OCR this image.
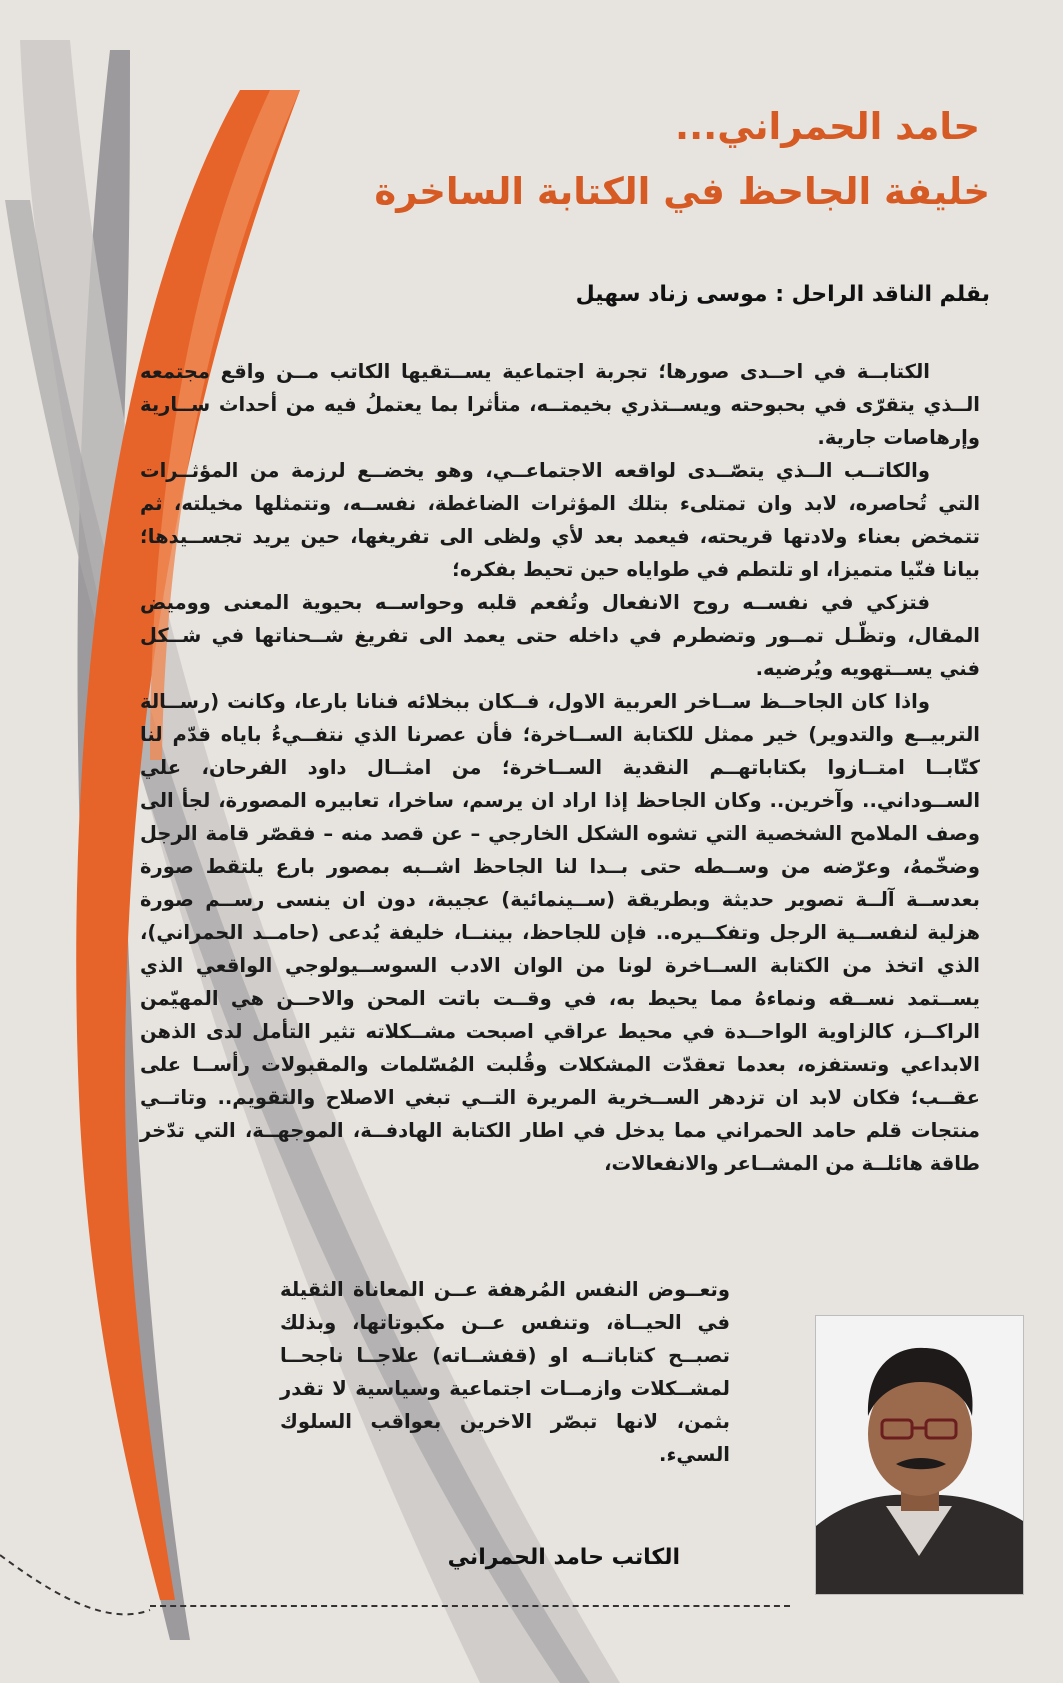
حامد الحمراني...
خليفة الجاحظ في الكتابة الساخرة

بقلم الناقد الراحل : موسى زناد سهيل

الكتابــة في احــدى صورها؛ تجربة اجتماعية يســتقيها الكاتب مــن واقع مجتمعه الــذي يتقرّى في بحبوحته ويســتذري بخيمتــه، متأثرا بما يعتملُ فيه من أحداث ســارية وإرهاصات جارية.

والكاتــب الــذي يتصّــدى لواقعه الاجتماعــي، وهو يخضــع لرزمة من المؤثــرات التي تُحاصره، لابد وان تمتلىء بتلك المؤثرات الضاغطة، نفســه، وتتمثلها مخيلته، ثم تتمخض بعناء ولادتها قريحته، فيعمد بعد لأي ولظى الى تفريغها، حين يريد تجســيدها؛ بيانا فنّيا متميزا، او تلتطم في طواياه حين تحيط بفكره؛

فتزكي في نفســه روح الانفعال وتُفعم قلبه وحواســه بحيوية المعنى ووميض المقال، وتظّـل تمــور وتضطرم في داخله حتى يعمد الى تفريغ شــحناتها في شــكل فني يســتهويه ويُرضيه.

واذا كان الجاحــظ ســاخر العربية الاول، فــكان ببخلائه فنانا بارعا، وكانت (رســالة التربيــع والتدوير) خير ممثل للكتابة الســاخرة؛ فأن عصرنا الذي نتفــيءُ باياه قدّم لنا كتّابــا امتــازوا بكتاباتهــم النقدية الســاخرة؛ من امثــال داود الفرحان، علي الســوداني.. وآخرين.. وكان الجاحظ إذا اراد ان يرسم، ساخرا، تعابيره المصورة، لجأ الى وصف الملامح الشخصية التي تشوه الشكل الخارجي – عن قصد منه – فقصّر قامة الرجل وضخّمهُ، وعرّضه من وســطه حتى بــدا لنا الجاحظ اشــبه بمصور بارع يلتقط صورة بعدســة آلــة تصوير حديثة وبطريقة (ســينمائية) عجيبة، دون ان ينسى رســم صورة هزلية لنفســية الرجل وتفكــيره.. فإن للجاحظ، بيننــا، خليفة يُدعى (حامــد الحمراني)، الذي اتخذ من الكتابة الســاخرة لونا من الوان الادب السوســيولوجي الواقعي الذي يســتمد نســقه ونماءهُ مما يحيط به، في وقــت باتت المحن والاحــن هي المهيّمن الراكــز، كالزاوية الواحــدة في محيط عراقي اصبحت مشــكلاته تثير التأمل لدى الذهن الابداعي وتستفزه، بعدما تعقدّت المشكلات وقُلبت المُسّلمات والمقبولات رأســا على عقــب؛ فكان لابد ان تزدهر الســخرية المريرة التــي تبغي الاصلاح والتقويم.. وتاتــي منتجات قلم حامد الحمراني مما يدخل في اطار الكتابة الهادفــة، الموجهــة، التي تدّخر طاقة هائلــة من المشــاعر والانفعالات،

وتعــوض النفس المُرهفة عــن المعاناة الثقيلة في الحيــاة، وتنفس عــن مكبوتاتها، وبذلك تصبــح كتاباتــه او (قفشــاته) علاجــا ناجحــا لمشــكلات وازمــات اجتماعية وسياسية لا تقدر بثمن، لانها تبصّر الاخرين بعواقب السلوك السيء.

الكاتب حامد الحمراني
